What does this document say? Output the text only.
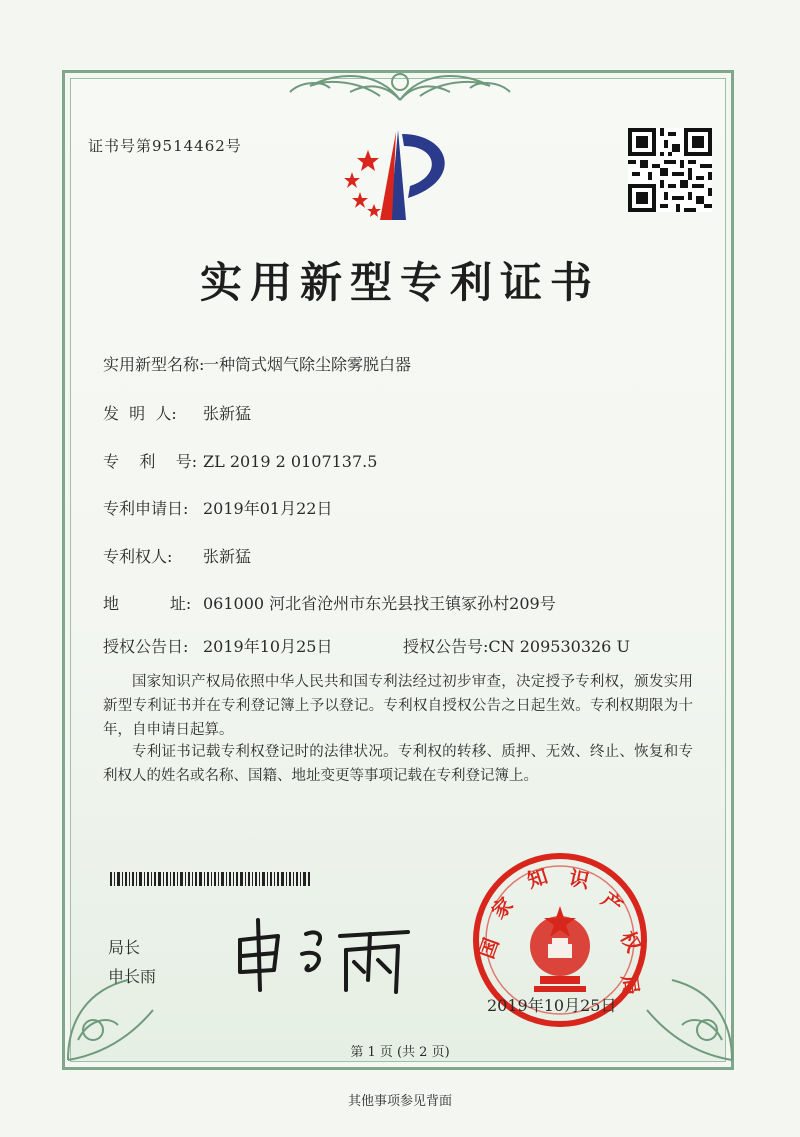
证书号第9514462号
实用新型专利证书
实用新型名称:一种筒式烟气除尘除雾脱白器
发  明  人: 张新猛
专    利    号: ZL 2019 2 0107137.5
专利申请日: 2019年01月22日
专利权人: 张新猛
地          址: 061000 河北省沧州市东光县找王镇冢孙村209号
授权公告日: 2019年10月25日	授权公告号:CN 209530326 U
国家知识产权局依照中华人民共和国专利法经过初步审查，决定授予专利权，颁发实用新型专利证书并在专利登记簿上予以登记。专利权自授权公告之日起生效。专利权期限为十年，自申请日起算。
专利证书记载专利权登记时的法律状况。专利权的转移、质押、无效、终止、恢复和专利权人的姓名或名称、国籍、地址变更等事项记载在专利登记簿上。
局长
申长雨
国
家
知 识
产
权
局
2019年10月25日
第 1 页 (共 2 页)
其他事项参见背面
